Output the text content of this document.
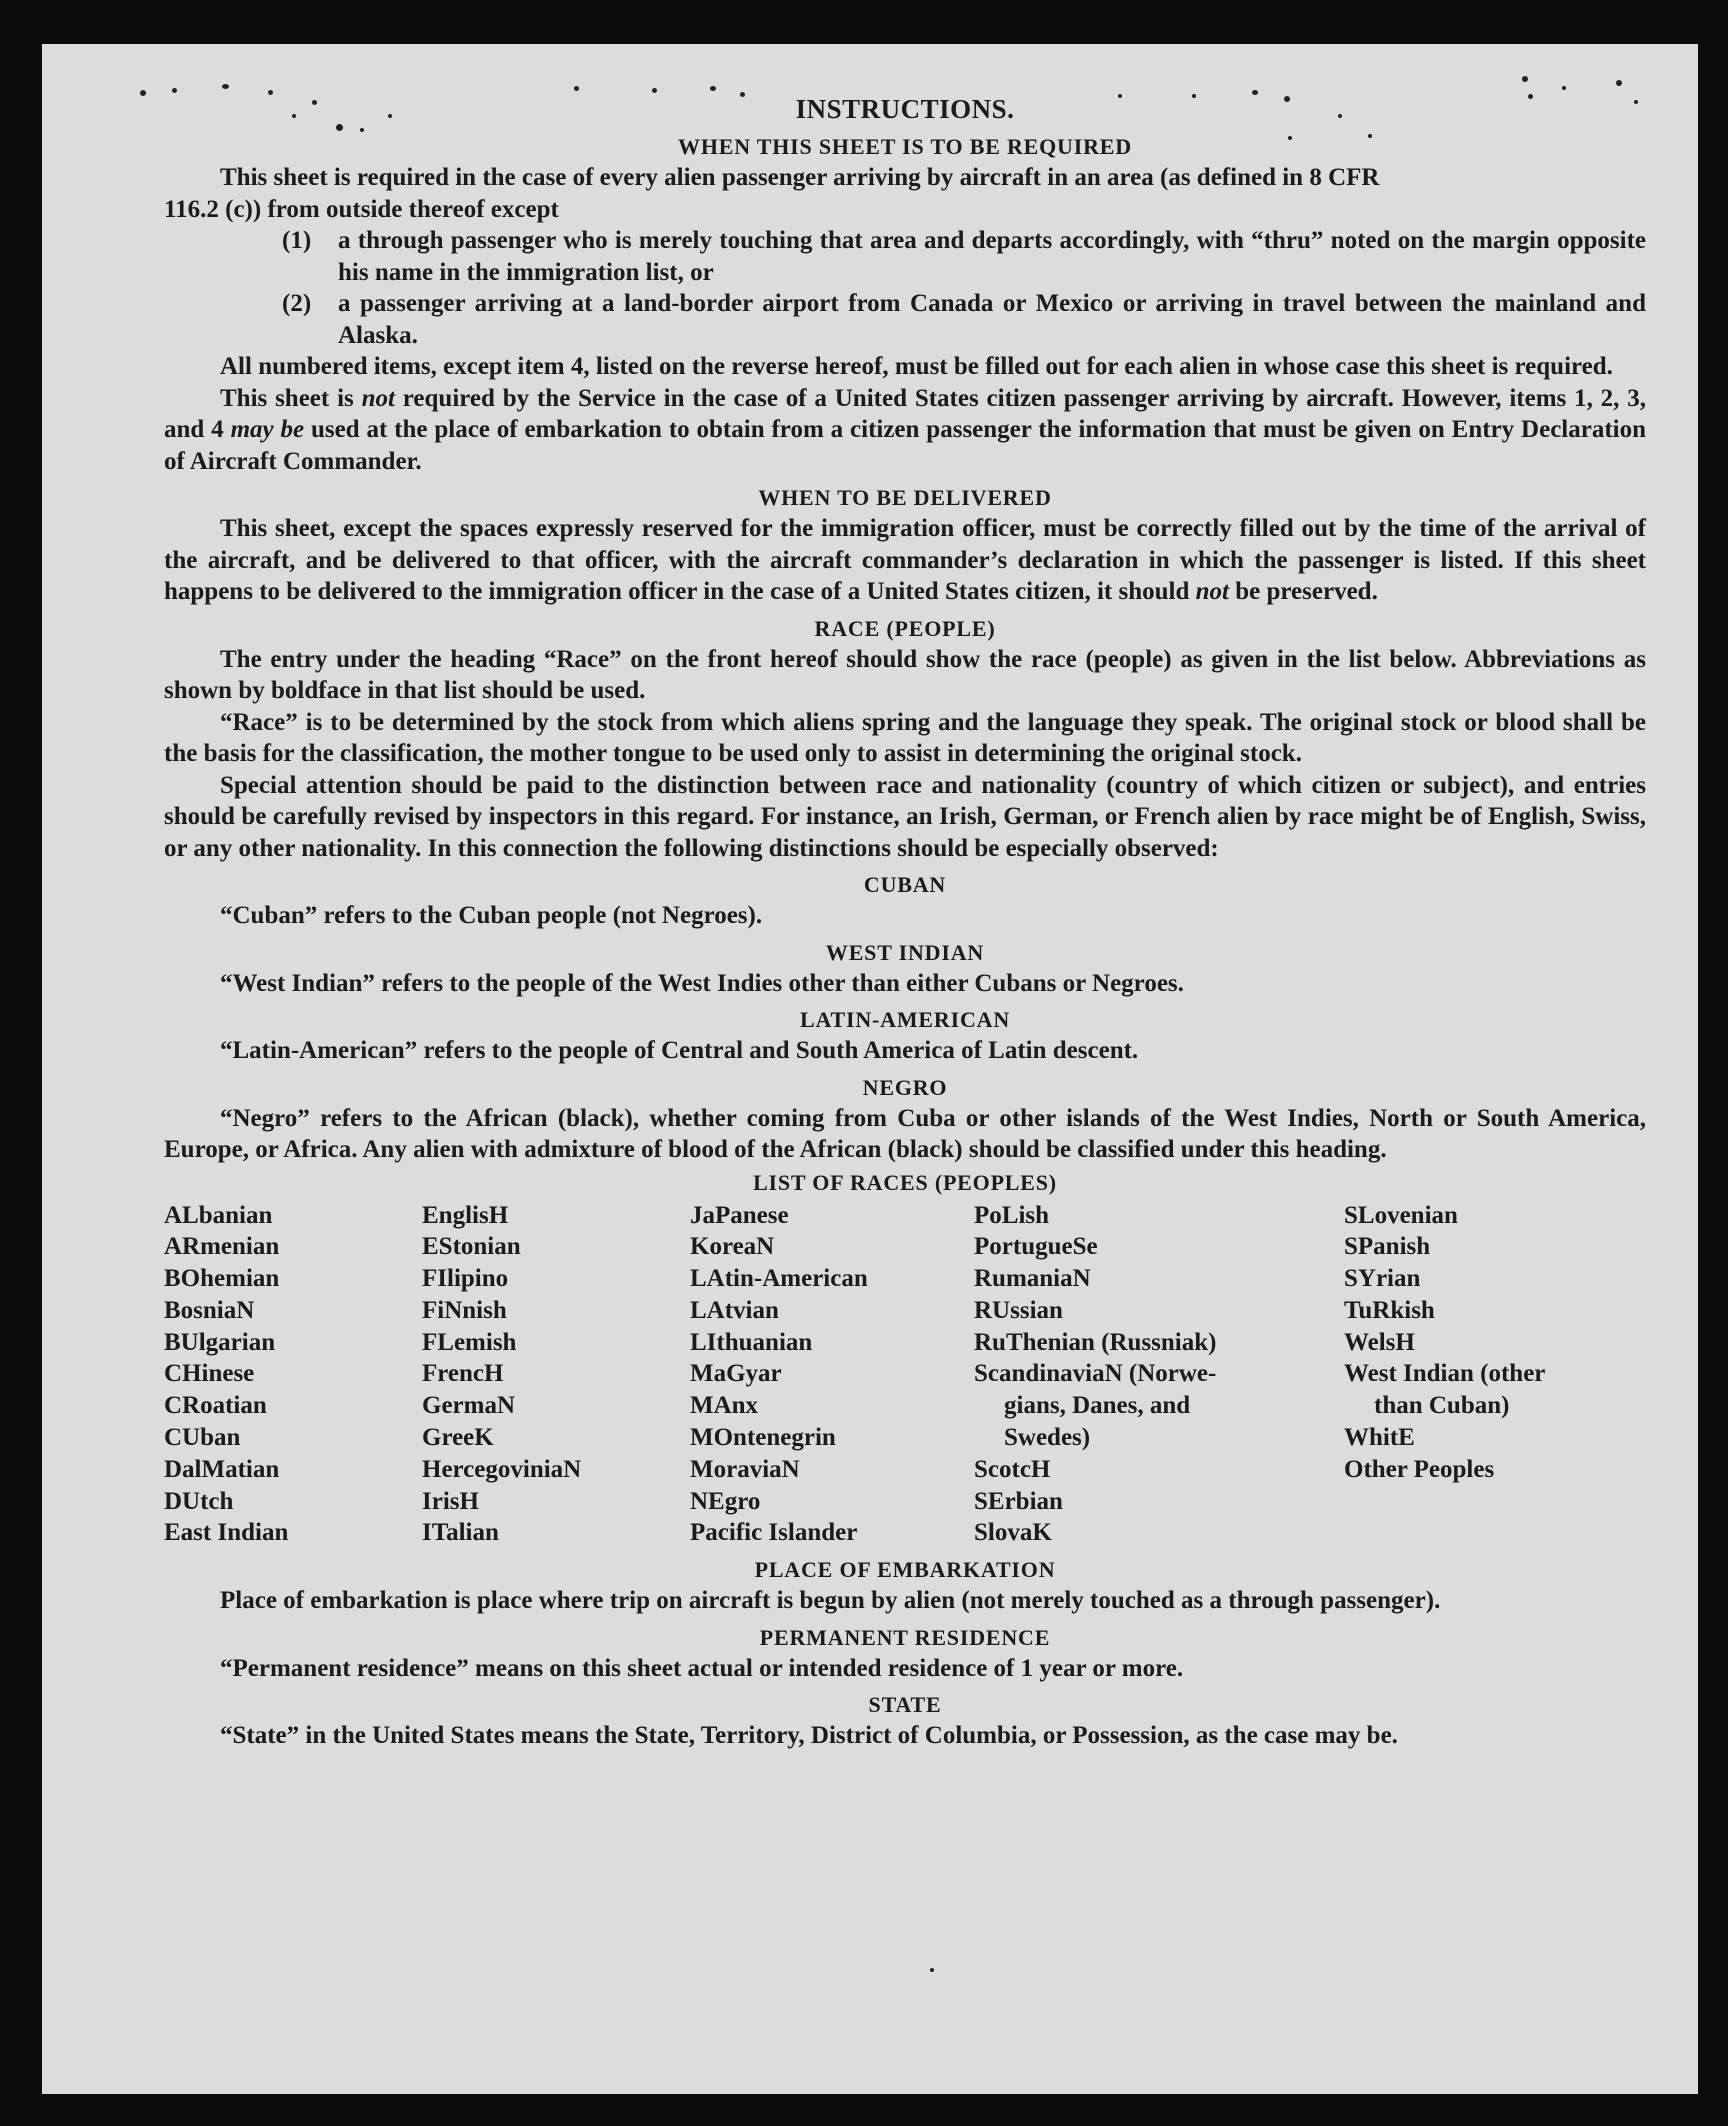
INSTRUCTIONS.
WHEN THIS SHEET IS TO BE REQUIRED

This sheet is required in the case of every alien passenger arriving by aircraft in an area (as defined in 8 CFR

116.2 (c)) from outside thereof except

(1)	a through passenger who is merely touching that area and departs accordingly, with “thru” noted on the margin opposite his name in the immigration list, or
(2)	a passenger arriving at a land-border airport from Canada or Mexico or arriving in travel between the mainland and Alaska.

All numbered items, except item 4, listed on the reverse hereof, must be filled out for each alien in whose case this sheet is required.

This sheet is not required by the Service in the case of a United States citizen passenger arriving by aircraft. However, items 1, 2, 3, and 4 may be used at the place of embarkation to obtain from a citizen passenger the information that must be given on Entry Declaration of Aircraft Commander.

WHEN TO BE DELIVERED

This sheet, except the spaces expressly reserved for the immigration officer, must be correctly filled out by the time of the arrival of the aircraft, and be delivered to that officer, with the aircraft commander’s declaration in which the passenger is listed. If this sheet happens to be delivered to the immigration officer in the case of a United States citizen, it should not be preserved.

RACE (PEOPLE)

The entry under the heading “Race” on the front hereof should show the race (people) as given in the list below. Abbreviations as shown by boldface in that list should be used.

“Race” is to be determined by the stock from which aliens spring and the language they speak. The original stock or blood shall be the basis for the classification, the mother tongue to be used only to assist in determining the original stock.

Special attention should be paid to the distinction between race and nationality (country of which citizen or subject), and entries should be carefully revised by inspectors in this regard. For instance, an Irish, German, or French alien by race might be of English, Swiss, or any other nationality. In this connection the following distinctions should be especially observed:

CUBAN

“Cuban” refers to the Cuban people (not Negroes).

WEST INDIAN

“West Indian” refers to the people of the West Indies other than either Cubans or Negroes.

LATIN-AMERICAN

“Latin-American” refers to the people of Central and South America of Latin descent.

NEGRO

“Negro” refers to the African (black), whether coming from Cuba or other islands of the West Indies, North or South America, Europe, or Africa. Any alien with admixture of blood of the African (black) should be classified under this heading.

LIST OF RACES (PEOPLES)
ALbanian
ARmenian
BOhemian
BosniaN
BUlgarian
CHinese
CRoatian
CUban
DalMatian
DUtch
East Indian
EnglisH
EStonian
FIlipino
FiNnish
FLemish
FrencH
GermaN
GreeK
HercegoviniaN
IrisH
ITalian
JaPanese
KoreaN
LAtin-American
LAtvian
LIthuanian
MaGyar
MAnx
MOntenegrin
MoraviaN
NEgro
Pacific Islander
PoLish
PortugueSe
RumaniaN
RUssian
RuThenian (Russniak)
ScandinaviaN (Norwe-
gians, Danes, and
Swedes)
ScotcH
SErbian
SlovaK
SLovenian
SPanish
SYrian
TuRkish
WelsH
West Indian (other
than Cuban)
WhitE
Other Peoples
PLACE OF EMBARKATION

Place of embarkation is place where trip on aircraft is begun by alien (not merely touched as a through passenger).

PERMANENT RESIDENCE

“Permanent residence” means on this sheet actual or intended residence of 1 year or more.

STATE

“State” in the United States means the State, Territory, District of Columbia, or Possession, as the case may be.
